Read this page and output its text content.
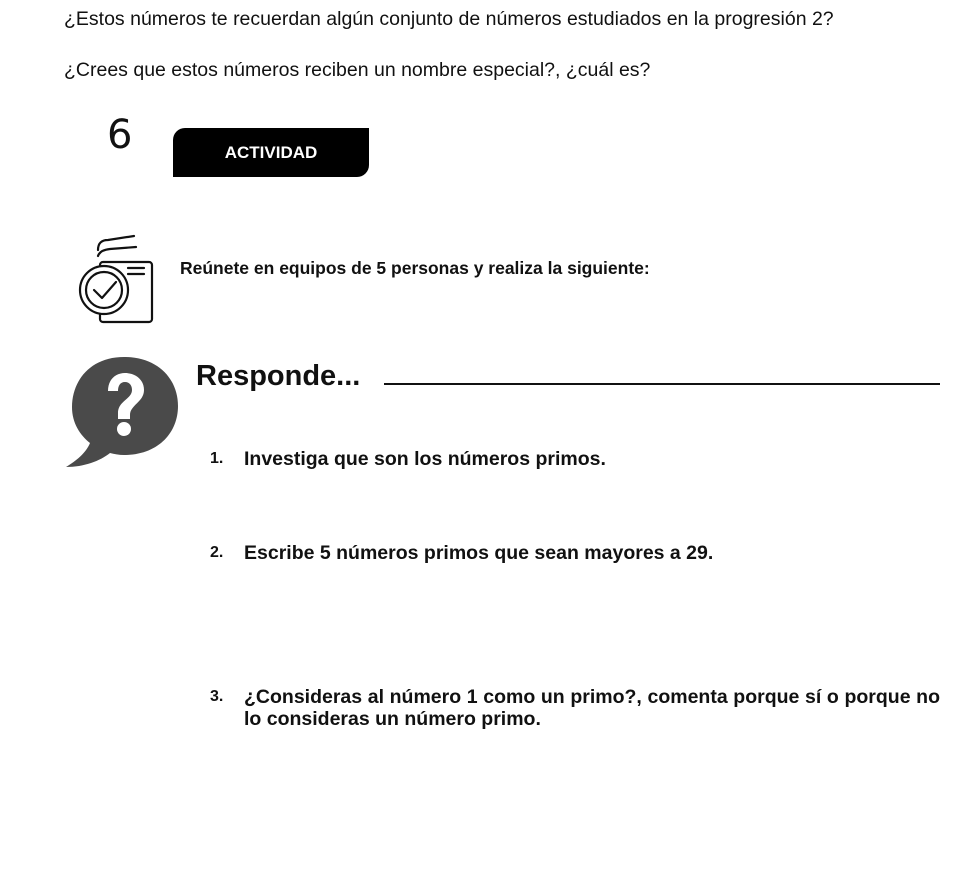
¿Estos números te recuerdan algún conjunto de números estudiados en la progresión 2?
¿Crees que estos números reciben un nombre especial?, ¿cuál es?
6	ACTIVIDAD
Reúnete en equipos de 5 personas y realiza la siguiente:
Responde...
1. Investiga que son los números primos.
2. Escribe 5 números primos que sean mayores a 29.
3. ¿Consideras al número 1 como un primo?, comenta porque sí o porque no lo consideras un número primo.
